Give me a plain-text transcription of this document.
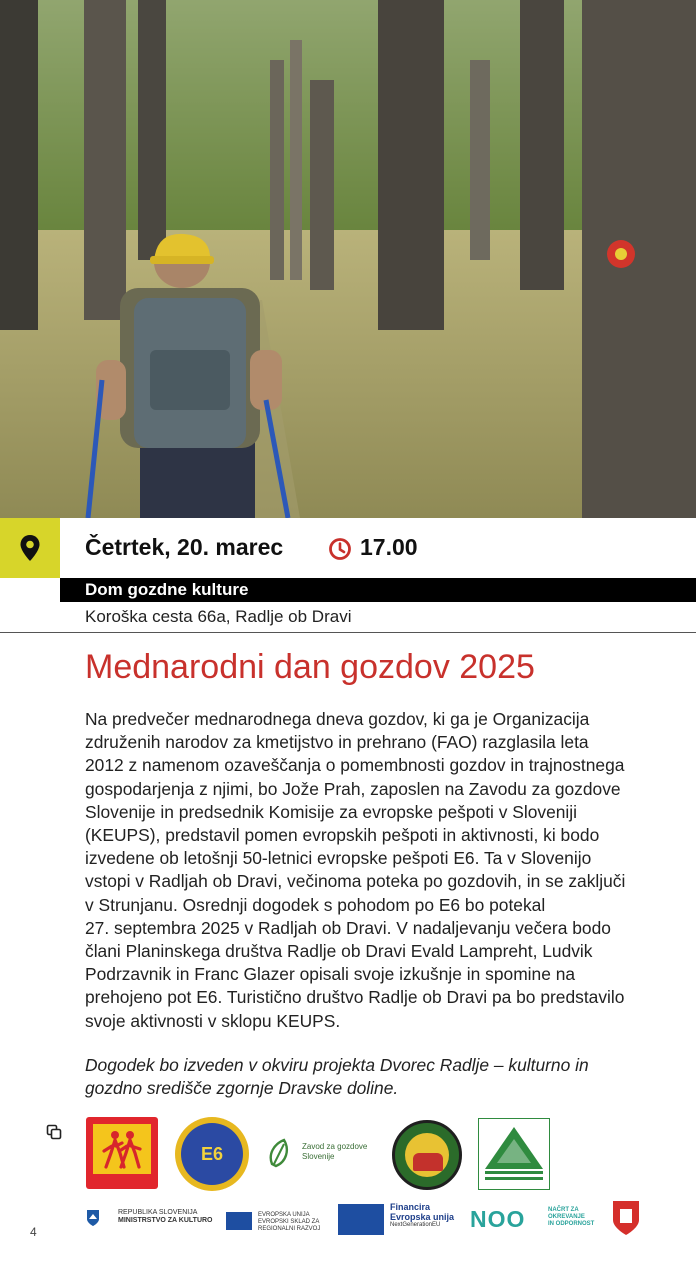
Četrtek, 20. marec	17.00
Dom gozdne kulture
Koroška cesta 66a, Radlje ob Dravi
Mednarodni dan gozdov 2025
Na predvečer mednarodnega dneva gozdov, ki ga je Organizacija
združenih narodov za kmetijstvo in prehrano (FAO) razglasila leta
2012 z namenom ozaveščanja o pomembnosti gozdov in trajnostnega
gospodarjenja z njimi, bo Jože Prah, zaposlen na Zavodu za gozdove
Slovenije in predsednik Komisije za evropske pešpoti v Sloveniji
(KEUPS), predstavil pomen evropskih pešpoti in aktivnosti, ki bodo
izvedene ob letošnji 50-letnici evropske pešpoti E6. Ta v Slovenijo
vstopi v Radljah ob Dravi, večinoma poteka po gozdovih, in se zaključi
v Strunjanu. Osrednji dogodek s pohodom po E6 bo potekal
27. septembra 2025 v Radljah ob Dravi. V nadaljevanju večera bodo
člani Planinskega društva Radlje ob Dravi Evald Lampreht, Ludvik
Podrzavnik in Franc Glazer opisali svoje izkušnje in spomine na
prehojeno pot E6. Turistično društvo Radlje ob Dravi pa bo predstavilo
svoje aktivnosti v sklopu KEUPS.
Dogodek bo izveden v okviru projekta Dvorec Radlje – kulturno in
gozdno središče zgornje Dravske doline.
E6	Zavod za gozdove
Slovenije
REPUBLIKA SLOVENIJA
MINISTRSTVO ZA KULTURO
EVROPSKA UNIJA
EVROPSKI SKLAD ZA
REGIONALNI RAZVOJ
Financira
Evropska unija
NextGenerationEU	NOO	NAČRT ZA
OKREVANJE
IN ODPORNOST
4
